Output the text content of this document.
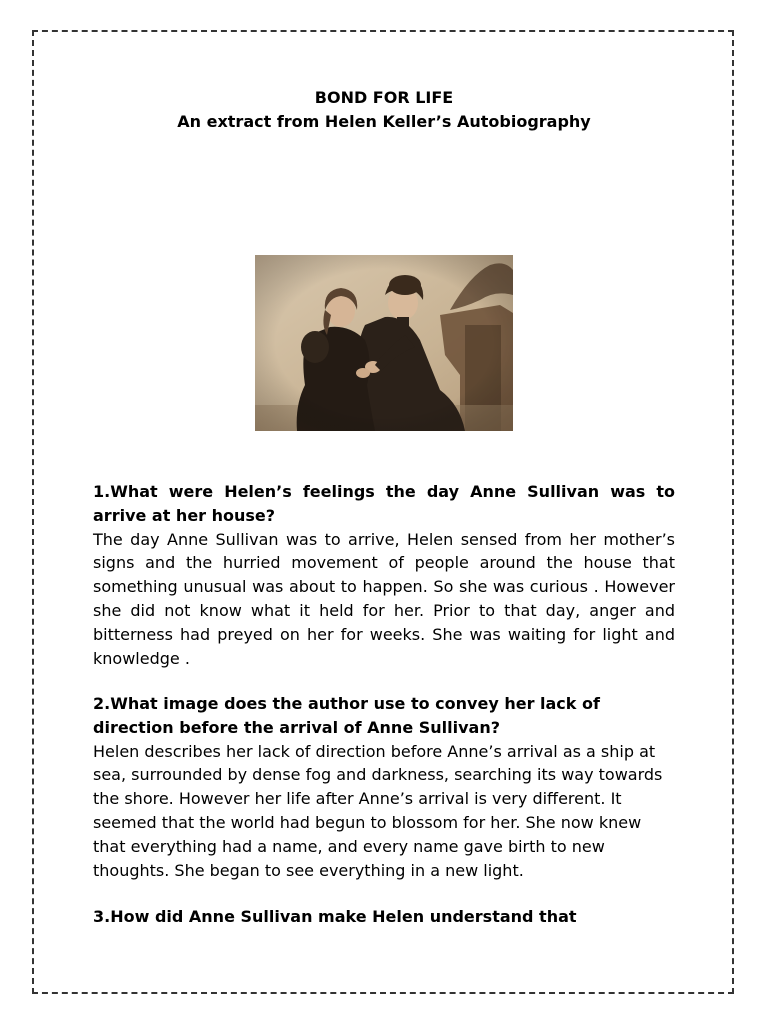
BOND FOR LIFE
An extract from Helen Keller’s Autobiography

1.What were Helen’s feelings the day Anne Sullivan was to arrive at her house?

The day Anne Sullivan was to arrive, Helen sensed from her mother’s signs and the hurried movement of people around the house that something unusual was about to happen. So she was curious . However she did not know what it held for her. Prior to that day, anger and bitterness had preyed on her for weeks. She was waiting for light and knowledge .

2.What image does the author use to convey her lack of direction before the arrival of Anne Sullivan?

Helen describes her lack of direction before Anne’s arrival as a ship at sea, surrounded by dense fog and darkness, searching its way towards the shore. However her life after Anne’s arrival is very different. It seemed that the world had begun to blossom for her. She now knew that everything had a name, and every name gave birth to new thoughts. She began to see everything in a new light.

3.How did Anne Sullivan make Helen understand that
